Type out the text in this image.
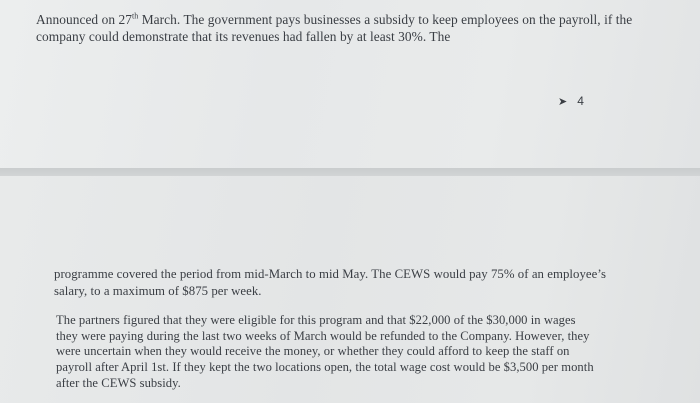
Announced on 27th March. The government pays businesses a subsidy to keep employees on the payroll, if the company could demonstrate that its revenues had fallen by at least 30%. The

➤ 4

programme covered the period from mid-March to mid May. The CEWS would pay 75% of an employee’s salary, to a maximum of $875 per week.

The partners figured that they were eligible for this program and that $22,000 of the $30,000 in wages they were paying during the last two weeks of March would be refunded to the Company. However, they were uncertain when they would receive the money, or whether they could afford to keep the staff on payroll after April 1st. If they kept the two locations open, the total wage cost would be $3,500 per month after the CEWS subsidy.
